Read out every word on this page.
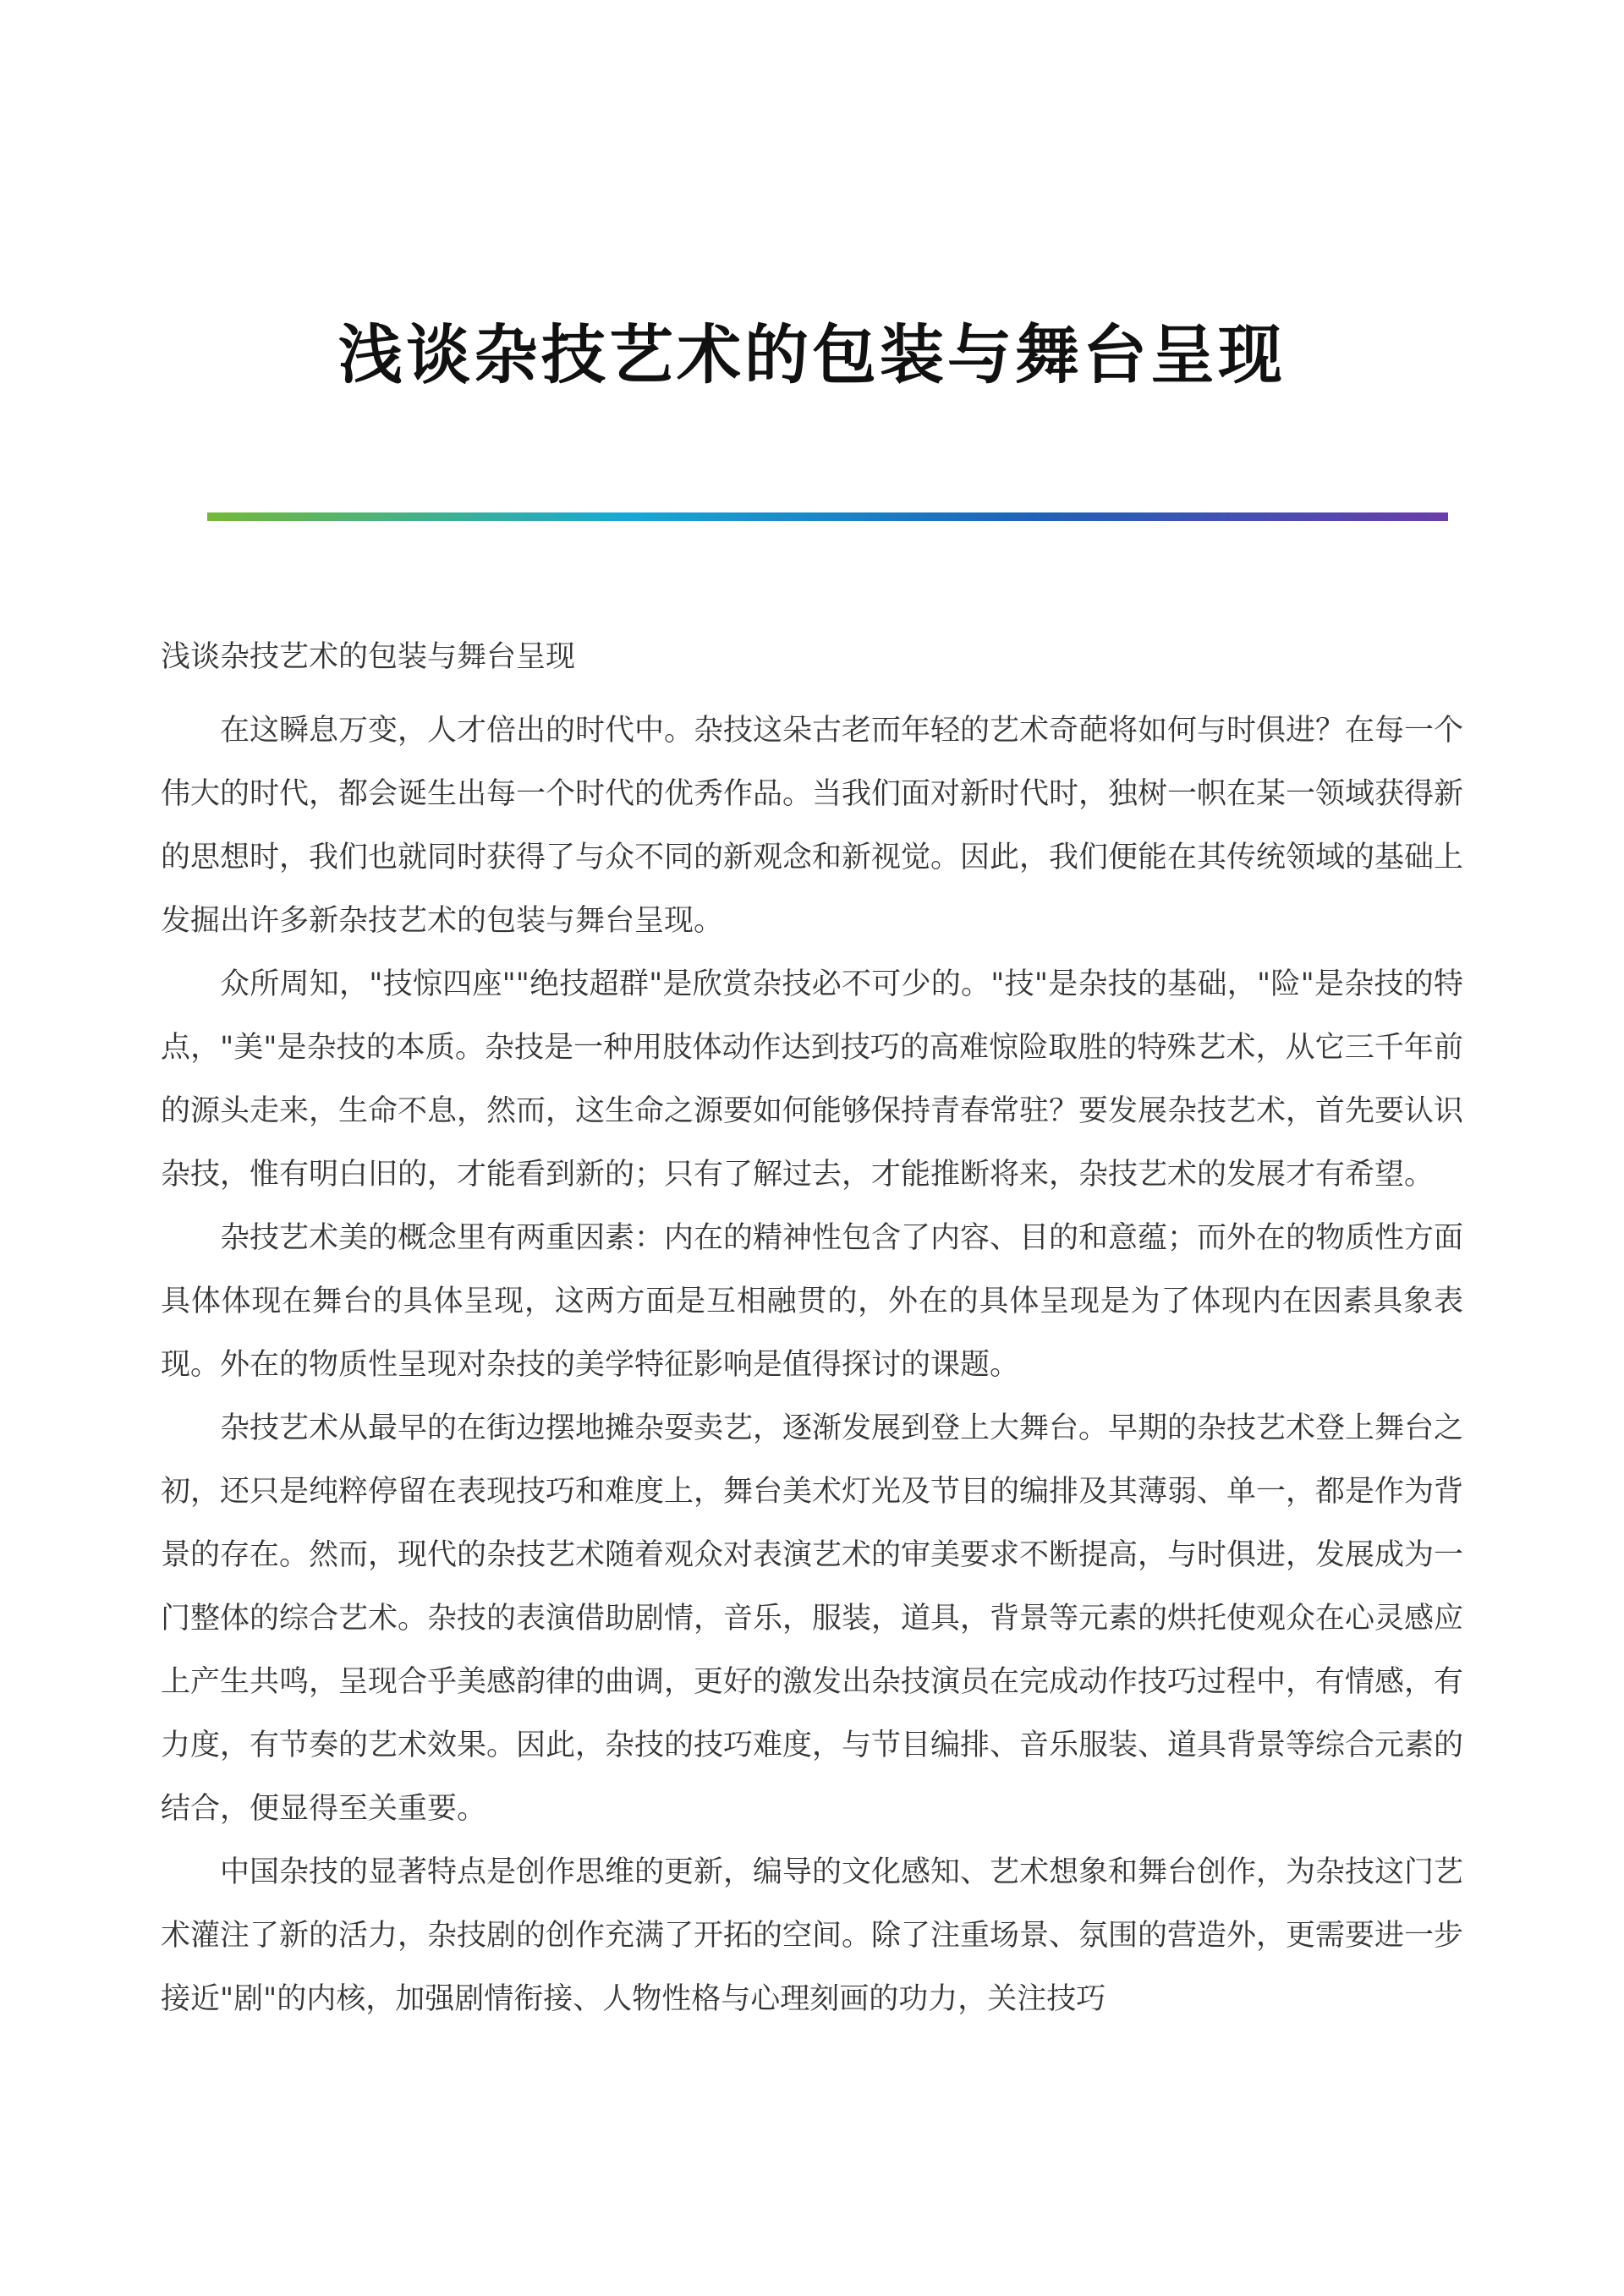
浅谈杂技艺术的包装与舞台呈现

浅谈杂技艺术的包装与舞台呈现

在这瞬息万变，人才倍出的时代中。杂技这朵古老而年轻的艺术奇葩将如何与时俱进？在每一个伟大的时代，都会诞生出每一个时代的优秀作品。当我们面对新时代时，独树一帜在某一领域获得新的思想时，我们也就同时获得了与众不同的新观念和新视觉。因此，我们便能在其传统领域的基础上发掘出许多新杂技艺术的包装与舞台呈现。

众所周知，"技惊四座""绝技超群"是欣赏杂技必不可少的。"技"是杂技的基础，"险"是杂技的特点，"美"是杂技的本质。杂技是一种用肢体动作达到技巧的高难惊险取胜的特殊艺术，从它三千年前的源头走来，生命不息，然而，这生命之源要如何能够保持青春常驻？要发展杂技艺术，首先要认识杂技，惟有明白旧的，才能看到新的；只有了解过去，才能推断将来，杂技艺术的发展才有希望。

杂技艺术美的概念里有两重因素：内在的精神性包含了内容、目的和意蕴；而外在的物质性方面具体体现在舞台的具体呈现，这两方面是互相融贯的，外在的具体呈现是为了体现内在因素具象表现。外在的物质性呈现对杂技的美学特征影响是值得探讨的课题。

杂技艺术从最早的在街边摆地摊杂耍卖艺，逐渐发展到登上大舞台。早期的杂技艺术登上舞台之初，还只是纯粹停留在表现技巧和难度上，舞台美术灯光及节目的编排及其薄弱、单一，都是作为背景的存在。然而，现代的杂技艺术随着观众对表演艺术的审美要求不断提高，与时俱进，发展成为一门整体的综合艺术。杂技的表演借助剧情，音乐，服装，道具，背景等元素的烘托使观众在心灵感应上产生共鸣，呈现合乎美感韵律的曲调，更好的激发出杂技演员在完成动作技巧过程中，有情感，有力度，有节奏的艺术效果。因此，杂技的技巧难度，与节目编排、音乐服装、道具背景等综合元素的结合，便显得至关重要。

中国杂技的显著特点是创作思维的更新，编导的文化感知、艺术想象和舞台创作，为杂技这门艺术灌注了新的活力，杂技剧的创作充满了开拓的空间。除了注重场景、氛围的营造外，更需要进一步接近"剧"的内核，加强剧情衔接、人物性格与心理刻画的功力，关注技巧
